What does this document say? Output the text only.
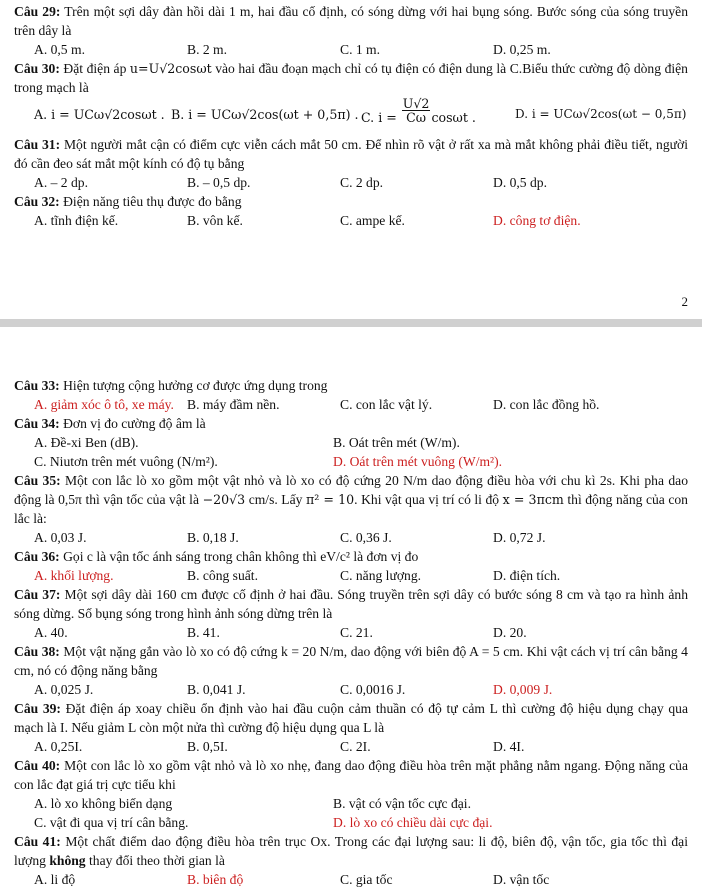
Câu 29: Trên một sợi dây đàn hồi dài 1 m, hai đầu cố định, có sóng dừng với hai bụng sóng. Bước sóng của sóng truyền trên dây là

A. 0,5 m.	B. 2 m.	C. 1 m.	D. 0,25 m.

Câu 30: Đặt điện áp u=U√2cosωt vào hai đầu đoạn mạch chỉ có tụ điện có điện dung là C.Biểu thức cường độ dòng điện trong mạch là

A. i = UCω√2cosωt . B. i = UCω√2cos(ωt + 0,5π) . C. $i = \frac{U√2}{C\omega}$ cosωt .	D. i = UCω√2cos(ωt − 0,5π)

Câu 31: Một người mắt cận có điểm cực viễn cách mắt 50 cm. Để nhìn rõ vật ở rất xa mà mắt không phải điều tiết, người đó cần đeo sát mắt một kính có độ tụ bằng

A. – 2 dp.	B. – 0,5 dp.	C. 2 dp.	D. 0,5 dp.

Câu 32: Điện năng tiêu thụ được đo bằng

A. tĩnh điện kế.	B. vôn kế.	C. ampe kế.	D. công tơ điện.
2

Câu 33: Hiện tượng cộng hưởng cơ được ứng dụng trong

A. giảm xóc ô tô, xe máy. B. máy đầm nền.	C. con lắc vật lý.	D. con lắc đồng hồ.

Câu 34: Đơn vị đo cường độ âm là

A. Đề-xi Ben (dB).	B. Oát trên mét (W/m).
C. Niutơn trên mét vuông (N/m²).	D. Oát trên mét vuông (W/m²).

Câu 35: Một con lắc lò xo gồm một vật nhỏ và lò xo có độ cứng 20 N/m dao động điều hòa với chu kì 2s. Khi pha dao động là 0,5π thì vận tốc của vật là −20√3 cm/s. Lấy π² = 10. Khi vật qua vị trí có li độ x = 3πcm thì động năng của con lắc là:

A. 0,03 J.	B. 0,18 J.	C. 0,36 J.	D. 0,72 J.

Câu 36: Gọi c là vận tốc ánh sáng trong chân không thì eV/c² là đơn vị đo

A. khối lượng.	B. công suất.	C. năng lượng.	D. điện tích.

Câu 37: Một sợi dây dài 160 cm được cố định ở hai đầu. Sóng truyền trên sợi dây có bước sóng 8 cm và tạo ra hình ảnh sóng dừng. Số bụng sóng trong hình ảnh sóng dừng trên là

A. 40.	B. 41.	C. 21.	D. 20.

Câu 38: Một vật nặng gắn vào lò xo có độ cứng k = 20 N/m, dao động với biên độ A = 5 cm. Khi vật cách vị trí cân bằng 4 cm, nó có động năng bằng

A. 0,025 J.	B. 0,041 J.	C. 0,0016 J.	D. 0,009 J.

Câu 39: Đặt điện áp xoay chiều ổn định vào hai đầu cuộn cảm thuần có độ tự cảm L thì cường độ hiệu dụng chạy qua mạch là I. Nếu giảm L còn một nửa thì cường độ hiệu dụng qua L là

A. 0,25I.	B. 0,5I.	C. 2I.	D. 4I.

Câu 40: Một con lắc lò xo gồm vật nhỏ và lò xo nhẹ, đang dao động điều hòa trên mặt phẳng nằm ngang. Động năng của con lắc đạt giá trị cực tiểu khi

A. lò xo không biến dạng	B. vật có vận tốc cực đại.
C. vật đi qua vị trí cân bằng.	D. lò xo có chiều dài cực đại.

Câu 41: Một chất điểm dao động điều hòa trên trục Ox. Trong các đại lượng sau: li độ, biên độ, vận tốc, gia tốc thì đại lượng không thay đổi theo thời gian là

A. li độ	B. biên độ	C. gia tốc	D. vận tốc
